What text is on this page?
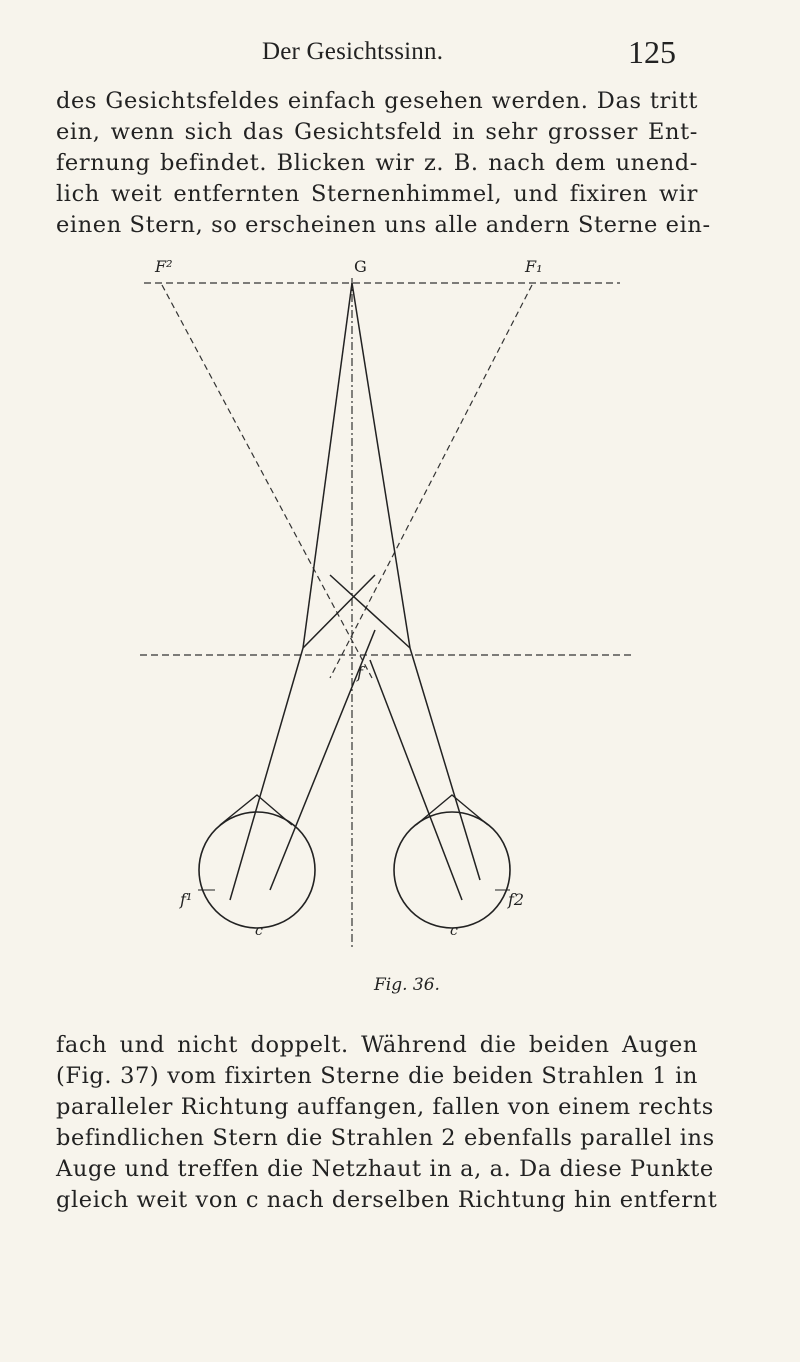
Der Gesichtssinn.	125
des Gesichtsfeldes einfach gesehen werden. Das tritt
ein, wenn sich das Gesichtsfeld in sehr grosser Ent-
fernung befindet. Blicken wir z. B. nach dem unend-
lich weit entfernten Sternenhimmel, und fixiren wir
einen Stern, so erscheinen uns alle andern Sterne ein-
F²	G	F₁
f
f¹	f2
c	c
Fig. 36.
fach und nicht doppelt. Während die beiden Augen
(Fig. 37) vom fixirten Sterne die beiden Strahlen 1 in
paralleler Richtung auffangen, fallen von einem rechts
befindlichen Stern die Strahlen 2 ebenfalls parallel ins
Auge und treffen die Netzhaut in a, a. Da diese Punkte
gleich weit von c nach derselben Richtung hin entfernt
